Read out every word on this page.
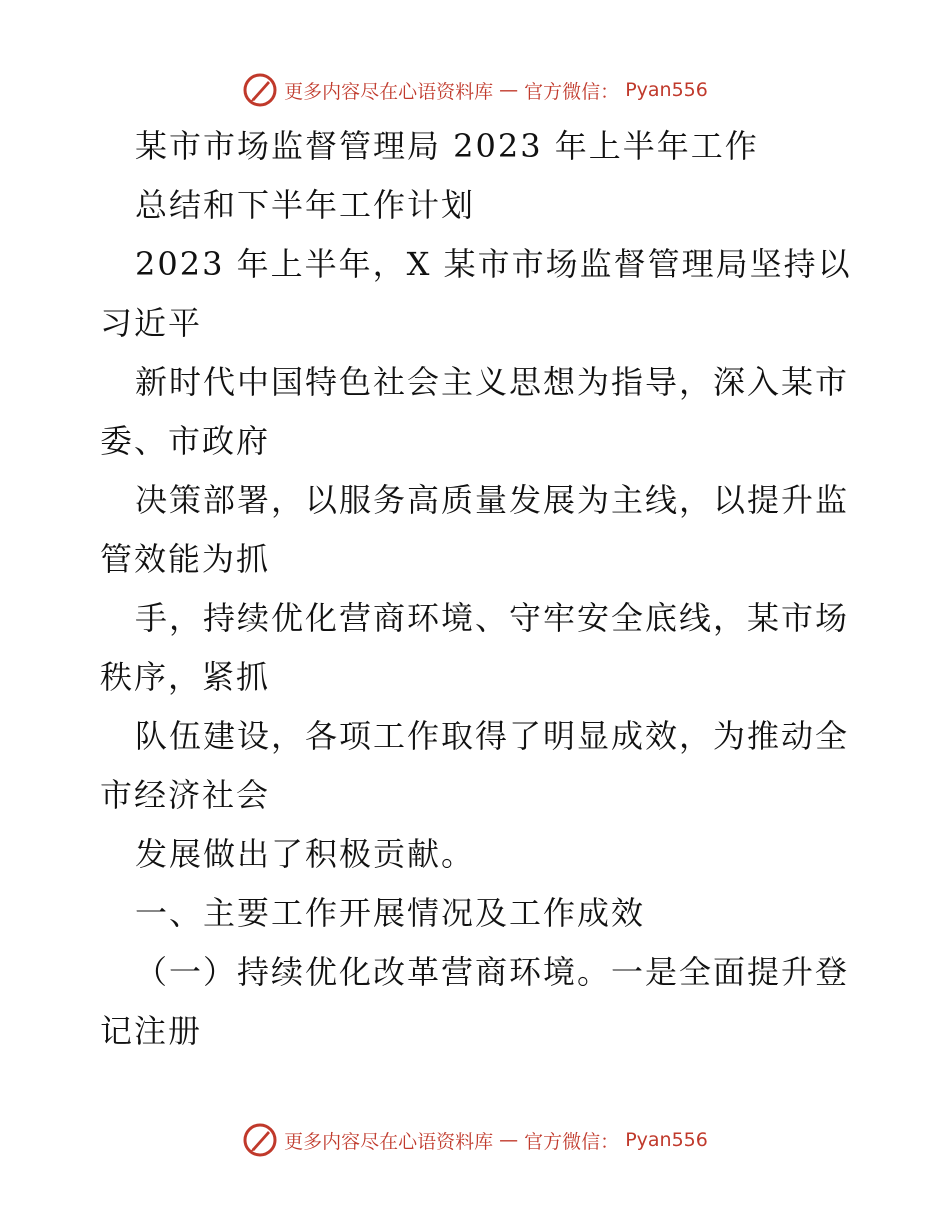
更多内容尽在心语资料库 — 官方微信： Pyan556
某市市场监督管理局 2023 年上半年工作
总结和下半年工作计划
2023 年上半年，X 某市市场监督管理局坚持以
习近平
新时代中国特色社会主义思想为指导，深入某市
委、市政府
决策部署，以服务高质量发展为主线，以提升监
管效能为抓
手，持续优化营商环境、守牢安全底线，某市场
秩序，紧抓
队伍建设，各项工作取得了明显成效，为推动全
市经济社会
发展做出了积极贡献。
一、主要工作开展情况及工作成效
（一）持续优化改革营商环境。一是全面提升登
记注册
更多内容尽在心语资料库 — 官方微信： Pyan556
